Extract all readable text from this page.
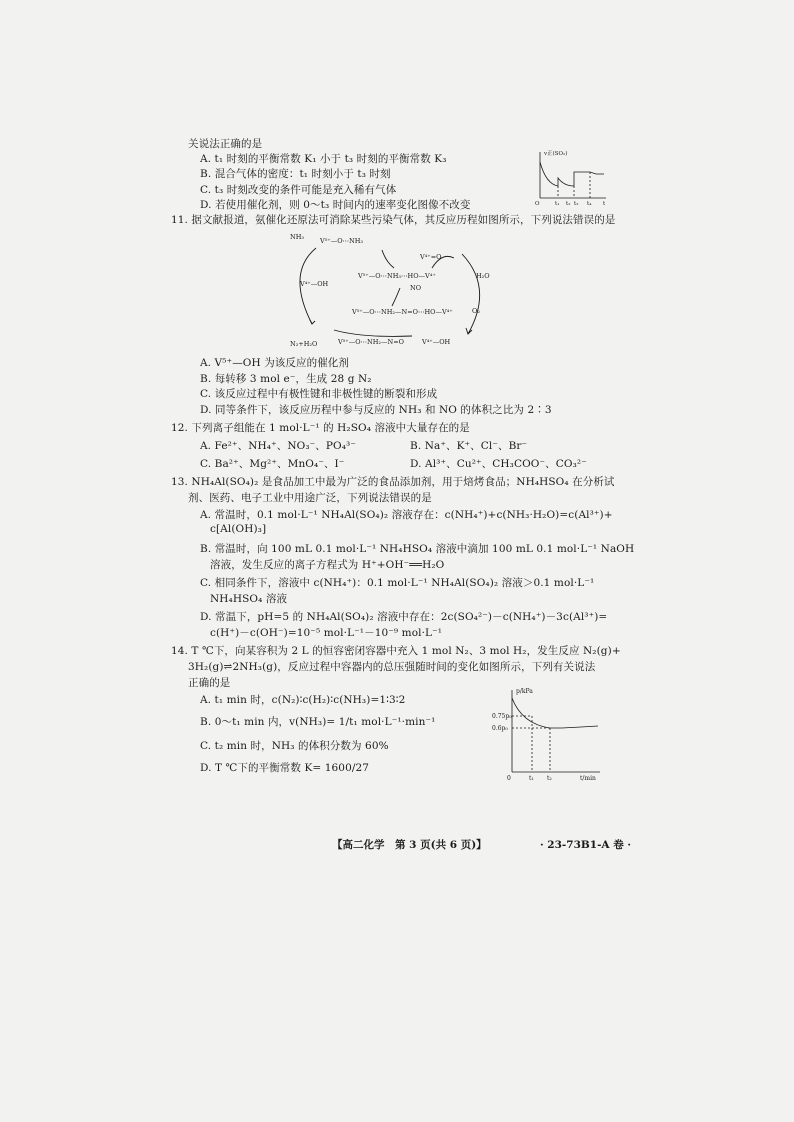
关说法正确的是
A. t₁ 时刻的平衡常数 K₁ 小于 t₃ 时刻的平衡常数 K₃
B. 混合气体的密度：t₁ 时刻小于 t₃ 时刻
C. t₃ 时刻改变的条件可能是充入稀有气体
D. 若使用催化剂，则 0～t₃ 时间内的速率变化图像不改变
11. 据文献报道，氨催化还原法可消除某些污染气体，其反应历程如图所示，下列说法错误的是
NH₃ V⁵⁺—O⋯NH₃
V⁴⁺=O
V⁴⁺—OH
V⁵⁺—O⋯NH₃⋯HO—V⁴⁺
NO
H₂O
O₂
V⁵⁺—O⋯NH₂—N=O⋯HO—V⁴⁺
N₂+H₂O	V⁵⁺—O⋯NH₂—N=O	V⁴⁺—OH
v正(SO₂)
O	t₁ t₂ t₃ t₄ t
A. V⁵⁺—OH 为该反应的催化剂
B. 每转移 3 mol e⁻，生成 28 g N₂
C. 该反应过程中有极性键和非极性键的断裂和形成
D. 同等条件下，该反应历程中参与反应的 NH₃ 和 NO 的体积之比为 2∶3
12. 下列离子组能在 1 mol·L⁻¹ 的 H₂SO₄ 溶液中大量存在的是
A. Fe²⁺、NH₄⁺、NO₃⁻、PO₄³⁻	B. Na⁺、K⁺、Cl⁻、Br⁻
C. Ba²⁺、Mg²⁺、MnO₄⁻、I⁻	D. Al³⁺、Cu²⁺、CH₃COO⁻、CO₃²⁻
13. NH₄Al(SO₄)₂ 是食品加工中最为广泛的食品添加剂，用于焙烤食品；NH₄HSO₄ 在分析试
剂、医药、电子工业中用途广泛，下列说法错误的是
A. 常温时，0.1 mol·L⁻¹ NH₄Al(SO₄)₂ 溶液存在：c(NH₄⁺)+c(NH₃·H₂O)=c(Al³⁺)+
c[Al(OH)₃]
B. 常温时，向 100 mL 0.1 mol·L⁻¹ NH₄HSO₄ 溶液中滴加 100 mL 0.1 mol·L⁻¹ NaOH
溶液，发生反应的离子方程式为 H⁺+OH⁻══H₂O
C. 相同条件下，溶液中 c(NH₄⁺)：0.1 mol·L⁻¹ NH₄Al(SO₄)₂ 溶液＞0.1 mol·L⁻¹
NH₄HSO₄ 溶液
D. 常温下，pH=5 的 NH₄Al(SO₄)₂ 溶液中存在：2c(SO₄²⁻)－c(NH₄⁺)－3c(Al³⁺)=
c(H⁺)－c(OH⁻)=10⁻⁵ mol·L⁻¹－10⁻⁹ mol·L⁻¹
14. T ℃下，向某容积为 2 L 的恒容密闭容器中充入 1 mol N₂、3 mol H₂，发生反应 N₂(g)+
3H₂(g)⇌2NH₃(g)，反应过程中容器内的总压强随时间的变化如图所示，下列有关说法
正确的是
A. t₁ min 时，c(N₂)∶c(H₂)∶c(NH₃)=1∶3∶2
B. 0～t₁ min 内，v(NH₃)= 1/t₁ mol·L⁻¹·min⁻¹
C. t₂ min 时，NH₃ 的体积分数为 60%
D. T ℃下的平衡常数 K= 1600/27
p/kPa
0.75p₀
0.6p₀
0	t₁ t₂	t/min
【高二化学　第 3 页(共 6 页)】	· 23-73B1-A 卷 ·
